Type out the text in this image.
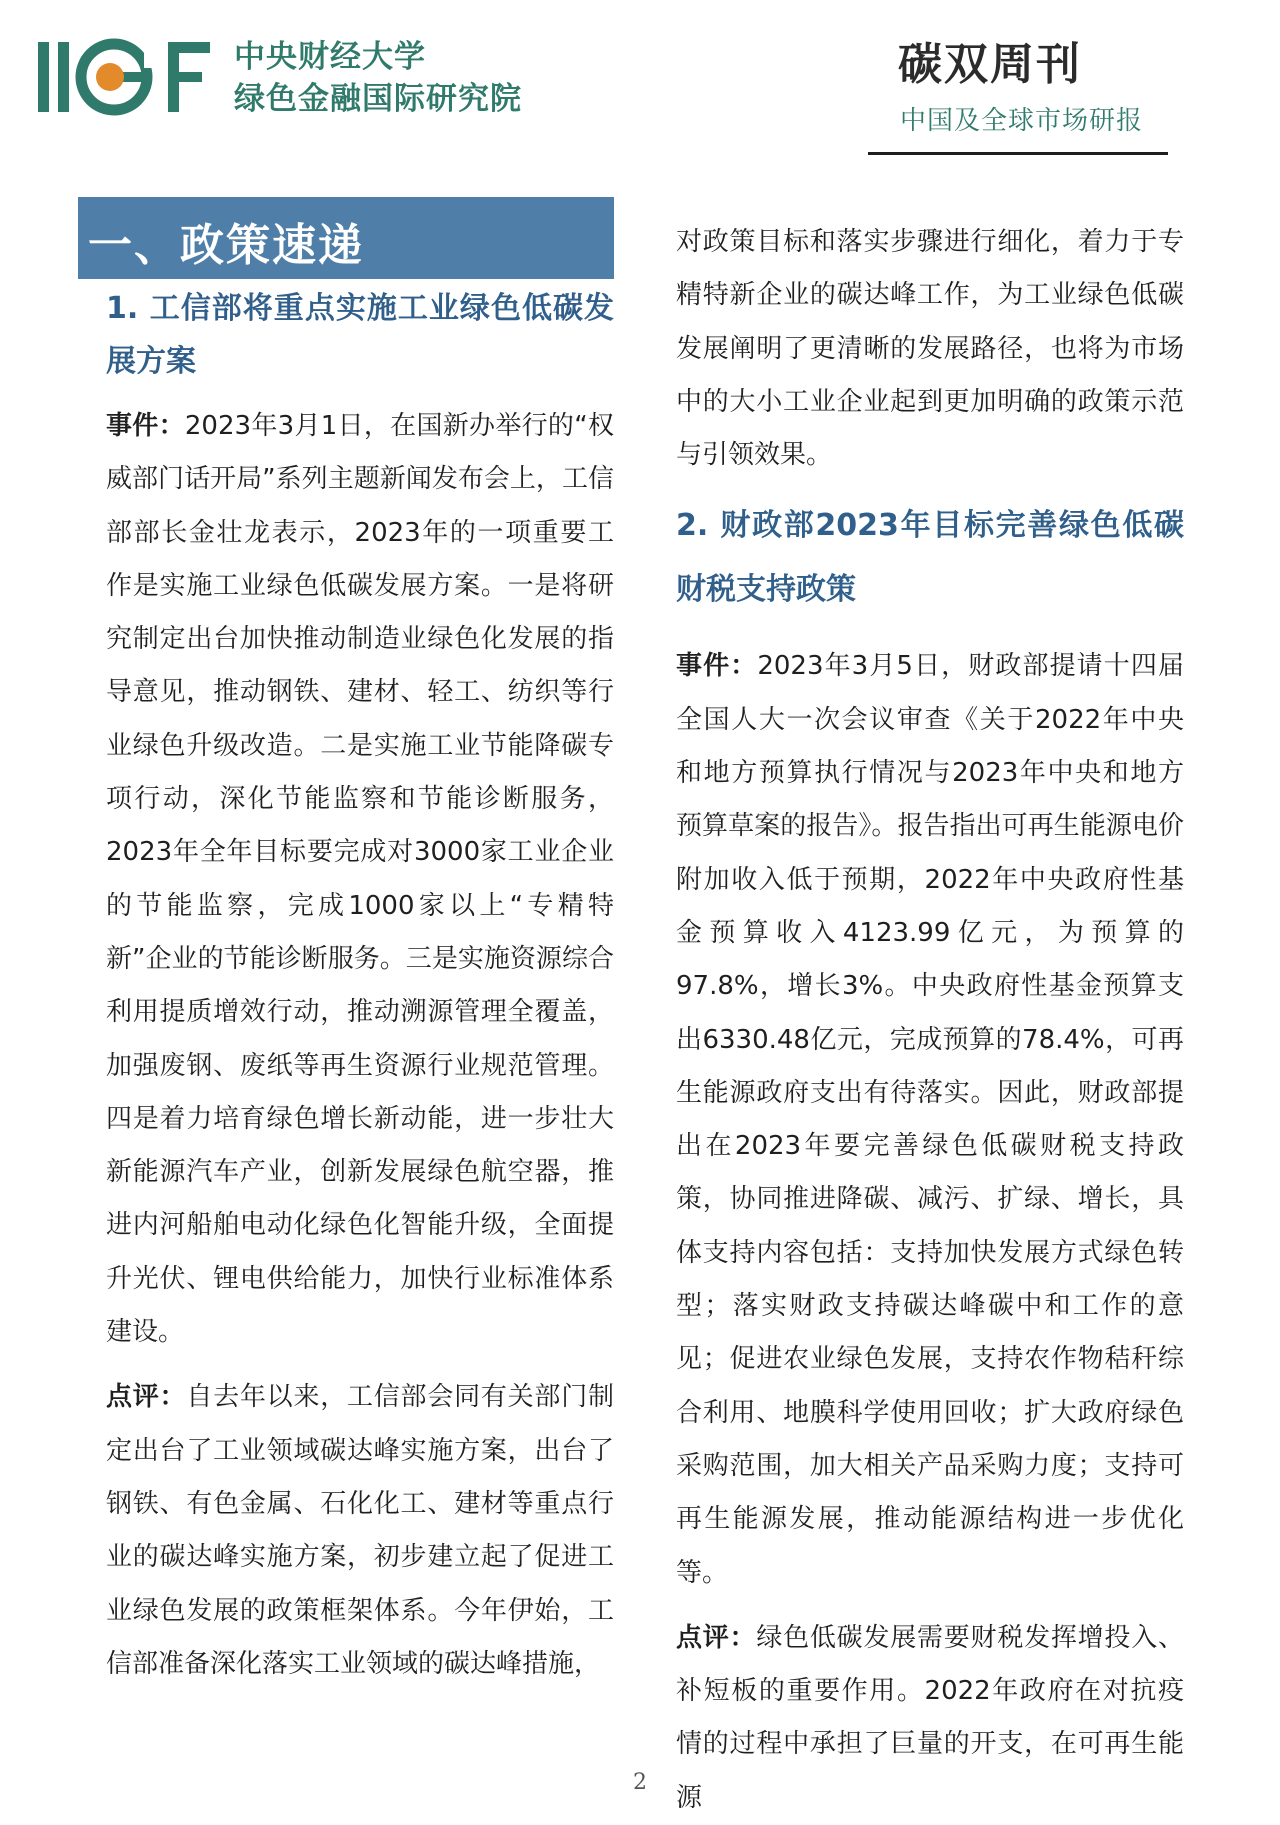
IIGF
中央财经大学
绿色金融国际研究院
碳双周刊
中国及全球市场研报
一、政策速递

1. 工信部将重点实施工业绿色低碳发展方案

事件：2023年3月1日，在国新办举行的“权威部门话开局”系列主题新闻发布会上，工信部部长金壮龙表示，2023年的一项重要工作是实施工业绿色低碳发展方案。一是将研究制定出台加快推动制造业绿色化发展的指导意见，推动钢铁、建材、轻工、纺织等行业绿色升级改造。二是实施工业节能降碳专项行动，深化节能监察和节能诊断服务，2023年全年目标要完成对3000家工业企业的节能监察，完成1000家以上“专精特新”企业的节能诊断服务。三是实施资源综合利用提质增效行动，推动溯源管理全覆盖，加强废钢、废纸等再生资源行业规范管理。四是着力培育绿色增长新动能，进一步壮大新能源汽车产业，创新发展绿色航空器，推进内河船舶电动化绿色化智能升级，全面提升光伏、锂电供给能力，加快行业标准体系建设。

点评：自去年以来，工信部会同有关部门制定出台了工业领域碳达峰实施方案，出台了钢铁、有色金属、石化化工、建材等重点行业的碳达峰实施方案，初步建立起了促进工业绿色发展的政策框架体系。今年伊始，工信部准备深化落实工业领域的碳达峰措施，

对政策目标和落实步骤进行细化，着力于专精特新企业的碳达峰工作，为工业绿色低碳发展阐明了更清晰的发展路径，也将为市场中的大小工业企业起到更加明确的政策示范与引领效果。

2. 财政部2023年目标完善绿色低碳财税支持政策

事件：2023年3月5日，财政部提请十四届全国人大一次会议审查《关于2022年中央和地方预算执行情况与2023年中央和地方预算草案的报告》。报告指出可再生能源电价附加收入低于预期，2022年中央政府性基金预算收入4123.99亿元，为预算的97.8%，增长3%。中央政府性基金预算支出6330.48亿元，完成预算的78.4%，可再生能源政府支出有待落实。因此，财政部提出在2023年要完善绿色低碳财税支持政策，协同推进降碳、减污、扩绿、增长，具体支持内容包括：支持加快发展方式绿色转型；落实财政支持碳达峰碳中和工作的意见；促进农业绿色发展，支持农作物秸秆综合利用、地膜科学使用回收；扩大政府绿色采购范围，加大相关产品采购力度；支持可再生能源发展，推动能源结构进一步优化等。

点评：绿色低碳发展需要财税发挥增投入、补短板的重要作用。2022年政府在对抗疫情的过程中承担了巨量的开支，在可再生能源

2
